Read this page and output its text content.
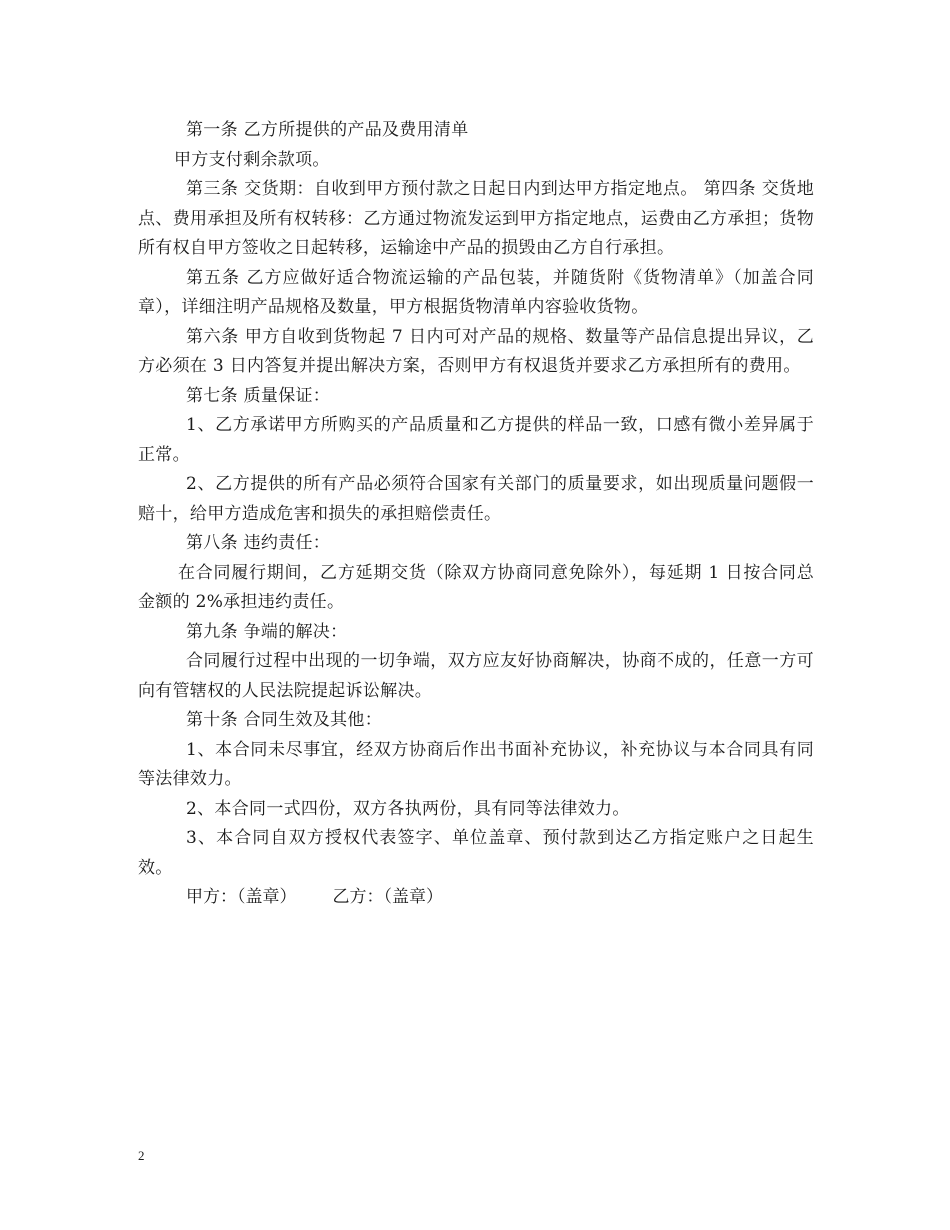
第一条 乙方所提供的产品及费用清单

甲方支付剩余款项。

第三条 交货期：自收到甲方预付款之日起日内到达甲方指定地点。 第四条 交货地点、费用承担及所有权转移：乙方通过物流发运到甲方指定地点，运费由乙方承担；货物所有权自甲方签收之日起转移，运输途中产品的损毁由乙方自行承担。

第五条 乙方应做好适合物流运输的产品包装，并随货附《货物清单》（加盖合同章），详细注明产品规格及数量，甲方根据货物清单内容验收货物。

第六条 甲方自收到货物起 7 日内可对产品的规格、数量等产品信息提出异议，乙方必须在 3 日内答复并提出解决方案，否则甲方有权退货并要求乙方承担所有的费用。

第七条 质量保证：

1、乙方承诺甲方所购买的产品质量和乙方提供的样品一致，口感有微小差异属于正常。

2、乙方提供的所有产品必须符合国家有关部门的质量要求，如出现质量问题假一赔十，给甲方造成危害和损失的承担赔偿责任。

第八条 违约责任：

在合同履行期间，乙方延期交货（除双方协商同意免除外），每延期 1 日按合同总金额的 2%承担违约责任。

第九条 争端的解决：

合同履行过程中出现的一切争端，双方应友好协商解决，协商不成的，任意一方可向有管辖权的人民法院提起诉讼解决。

第十条 合同生效及其他：

1、本合同未尽事宜，经双方协商后作出书面补充协议，补充协议与本合同具有同等法律效力。

2、本合同一式四份，双方各执两份，具有同等法律效力。

3、本合同自双方授权代表签字、单位盖章、预付款到达乙方指定账户之日起生效。

甲方：（盖章） 乙方：（盖章）
2
